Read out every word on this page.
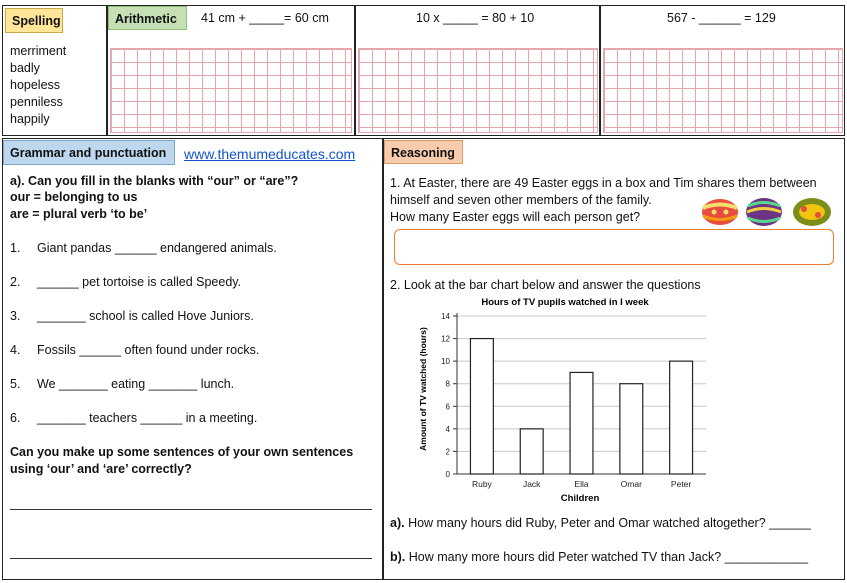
Spelling
merriment
badly
hopeless
penniless
happily
Arithmetic	41 cm + _____= 60 cm	10 x _____ = 80 + 10	567 - ______ = 129
Grammar and punctuation	www.themumeducates.com
a). Can you fill in the blanks with “our” or “are”?
our = belonging to us
are = plural verb ‘to be’
1. Giant pandas ______ endangered animals.
2. ______ pet tortoise is called Speedy.
3. _______ school is called Hove Juniors.
4. Fossils ______ often found under rocks.
5. We _______ eating _______ lunch.
6. _______ teachers ______ in a meeting.
Can you make up some sentences of your own sentences
using ‘our’ and ‘are’ correctly?
Reasoning
1. At Easter, there are 49 Easter eggs in a box and Tim shares them between
himself and seven other members of the family.
How many Easter eggs will each person get?
2. Look at the bar chart below and answer the questions
Hours of TV pupils watched in I week
Amount of TV watched (hours)
Children
0
2
4
6
8
10
12
14
Ruby	Jack	Ella	Omar	Peter
a). How many hours did Ruby, Peter and Omar watched altogether? ______
b). How many more hours did Peter watched TV than Jack? ____________
